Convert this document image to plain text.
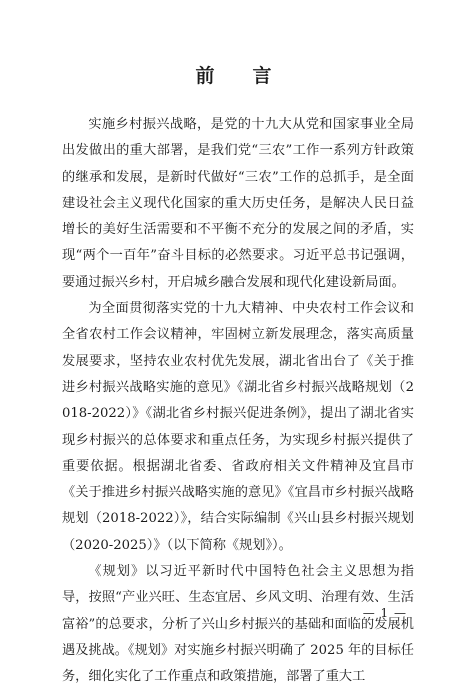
前 言

实施乡村振兴战略，是党的十九大从党和国家事业全局出发做出的重大部署，是我们党“三农”工作一系列方针政策的继承和发展，是新时代做好“三农”工作的总抓手，是全面建设社会主义现代化国家的重大历史任务，是解决人民日益增长的美好生活需要和不平衡不充分的发展之间的矛盾，实现“两个一百年”奋斗目标的必然要求。习近平总书记强调，要通过振兴乡村，开启城乡融合发展和现代化建设新局面。

为全面贯彻落实党的十九大精神、中央农村工作会议和全省农村工作会议精神，牢固树立新发展理念，落实高质量发展要求，坚持农业农村优先发展，湖北省出台了《关于推进乡村振兴战略实施的意见》《湖北省乡村振兴战略规划（2018-2022）》《湖北省乡村振兴促进条例》，提出了湖北省实现乡村振兴的总体要求和重点任务，为实现乡村振兴提供了重要依据。根据湖北省委、省政府相关文件精神及宜昌市《关于推进乡村振兴战略实施的意见》《宜昌市乡村振兴战略规划（2018-2022）》，结合实际编制《兴山县乡村振兴规划（2020-2025）》（以下简称《规划》）。

《规划》以习近平新时代中国特色社会主义思想为指导，按照“产业兴旺、生态宜居、乡风文明、治理有效、生活富裕”的总要求，分析了兴山乡村振兴的基础和面临的发展机遇及挑战。《规划》对实施乡村振兴明确了 2025 年的目标任务，细化实化了工作重点和政策措施，部署了重大工

— 1 —
